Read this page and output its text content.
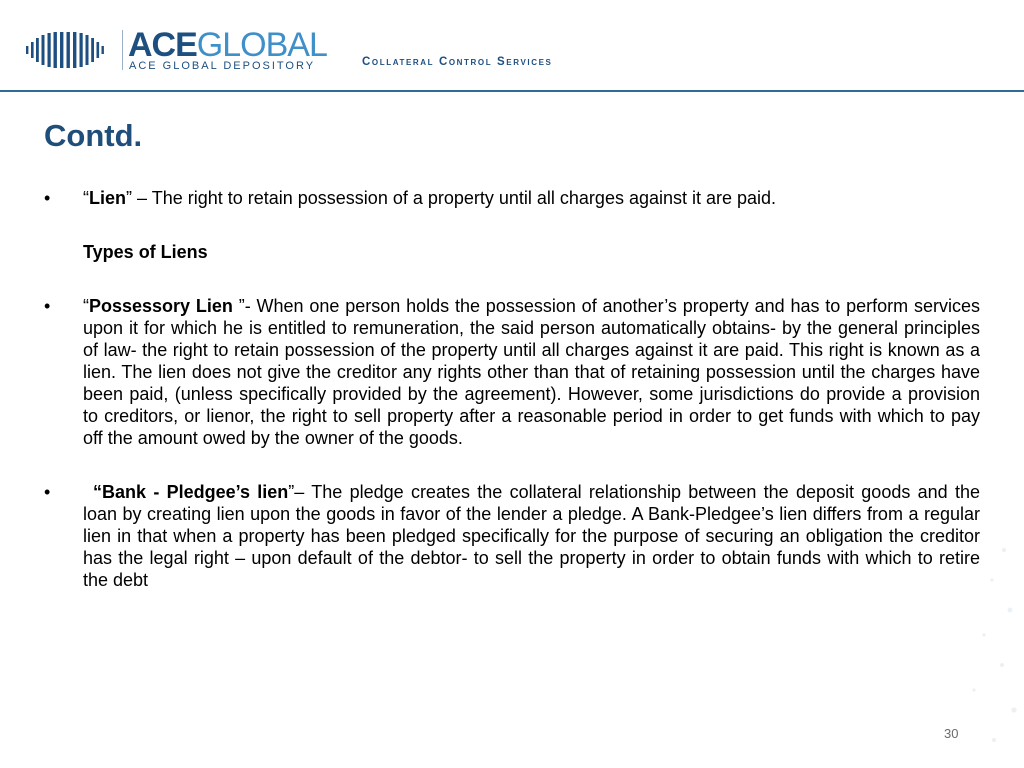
ACEGLOBAL
ACE GLOBAL DEPOSITORY	Collateral Control Services
Contd.
• “Lien” – The right to retain possession of a property until all charges against it are paid.
Types of Liens
• “Possessory Lien ”- When one person holds the possession of another’s property and has to perform services upon it for which he is entitled to remuneration, the said person automatically obtains- by the general principles of law- the right to retain possession of the property until all charges against it are paid. This right is known as a lien. The lien does not give the creditor any rights other than that of retaining possession until the charges have been paid, (unless specifically provided by the agreement). However, some jurisdictions do provide a provision to creditors, or lienor, the right to sell property after a reasonable period in order to get funds with which to pay off the amount owed by the owner of the goods.
• “Bank - Pledgee’s lien”– The pledge creates the collateral relationship between the deposit goods and the loan by creating lien upon the goods in favor of the lender a pledge. A Bank-Pledgee’s lien differs from a regular lien in that when a property has been pledged specifically for the purpose of securing an obligation the creditor has the legal right – upon default of the debtor- to sell the property in order to obtain funds with which to retire the debt
30
